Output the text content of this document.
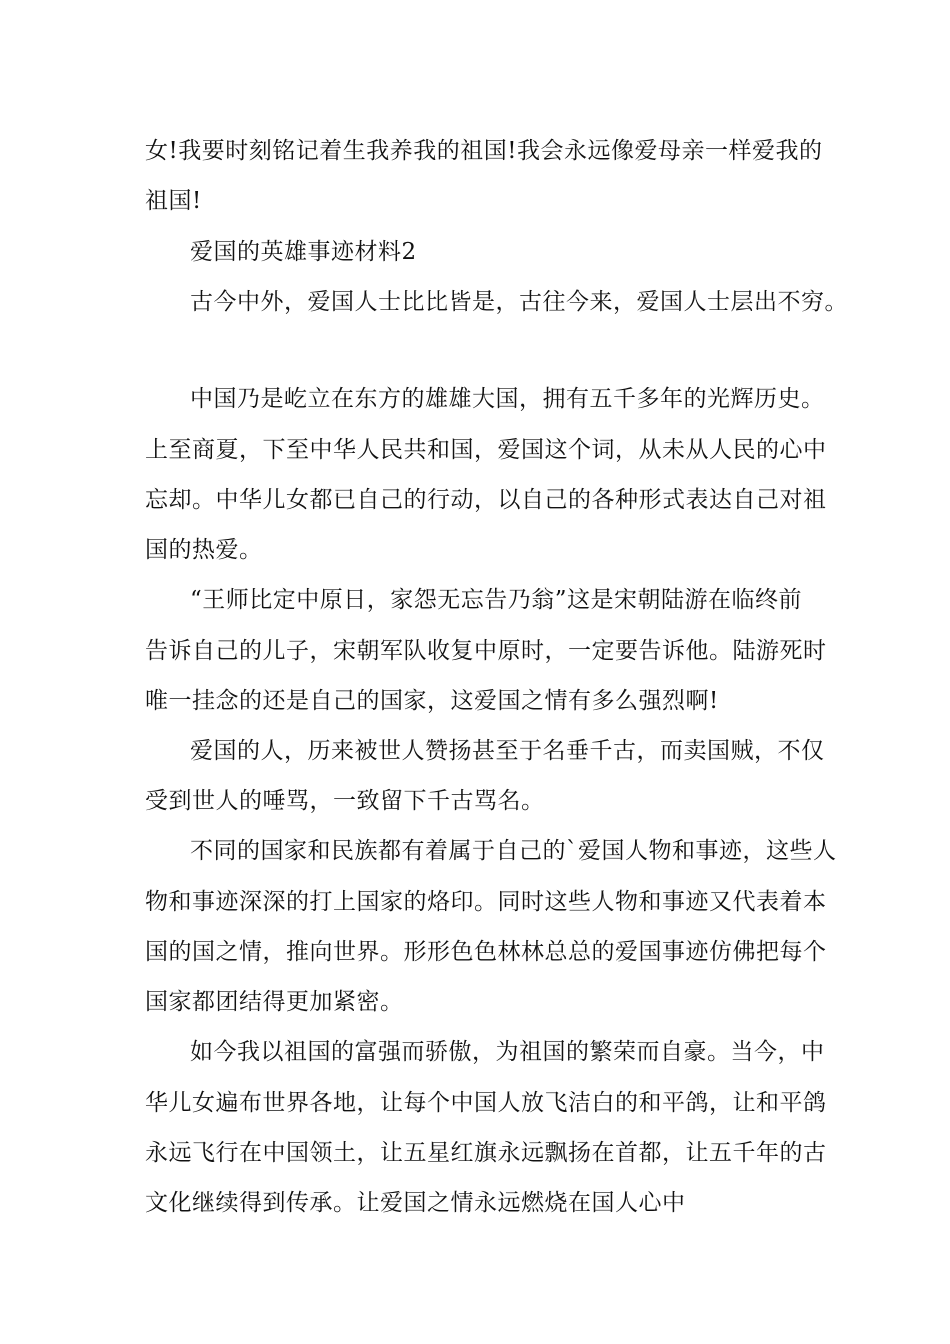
女!我要时刻铭记着生我养我的祖国!我会永远像爱母亲一样爱我的
祖国!
爱国的英雄事迹材料2
古今中外，爱国人士比比皆是，古往今来，爱国人士层出不穷。
中国乃是屹立在东方的雄雄大国，拥有五千多年的光辉历史。
上至商夏，下至中华人民共和国，爱国这个词，从未从人民的心中
忘却。中华儿女都已自己的行动，以自己的各种形式表达自己对祖
国的热爱。
“王师比定中原日，家怨无忘告乃翁”这是宋朝陆游在临终前
告诉自己的儿子，宋朝军队收复中原时，一定要告诉他。陆游死时
唯一挂念的还是自己的国家，这爱国之情有多么强烈啊!
爱国的人，历来被世人赞扬甚至于名垂千古，而卖国贼，不仅
受到世人的唾骂，一致留下千古骂名。
不同的国家和民族都有着属于自己的`爱国人物和事迹，这些人
物和事迹深深的打上国家的烙印。同时这些人物和事迹又代表着本
国的国之情，推向世界。形形色色林林总总的爱国事迹仿佛把每个
国家都团结得更加紧密。
如今我以祖国的富强而骄傲，为祖国的繁荣而自豪。当今，中
华儿女遍布世界各地，让每个中国人放飞洁白的和平鸽，让和平鸽
永远飞行在中国领土，让五星红旗永远飘扬在首都，让五千年的古
文化继续得到传承。让爱国之情永远燃烧在国人心中
